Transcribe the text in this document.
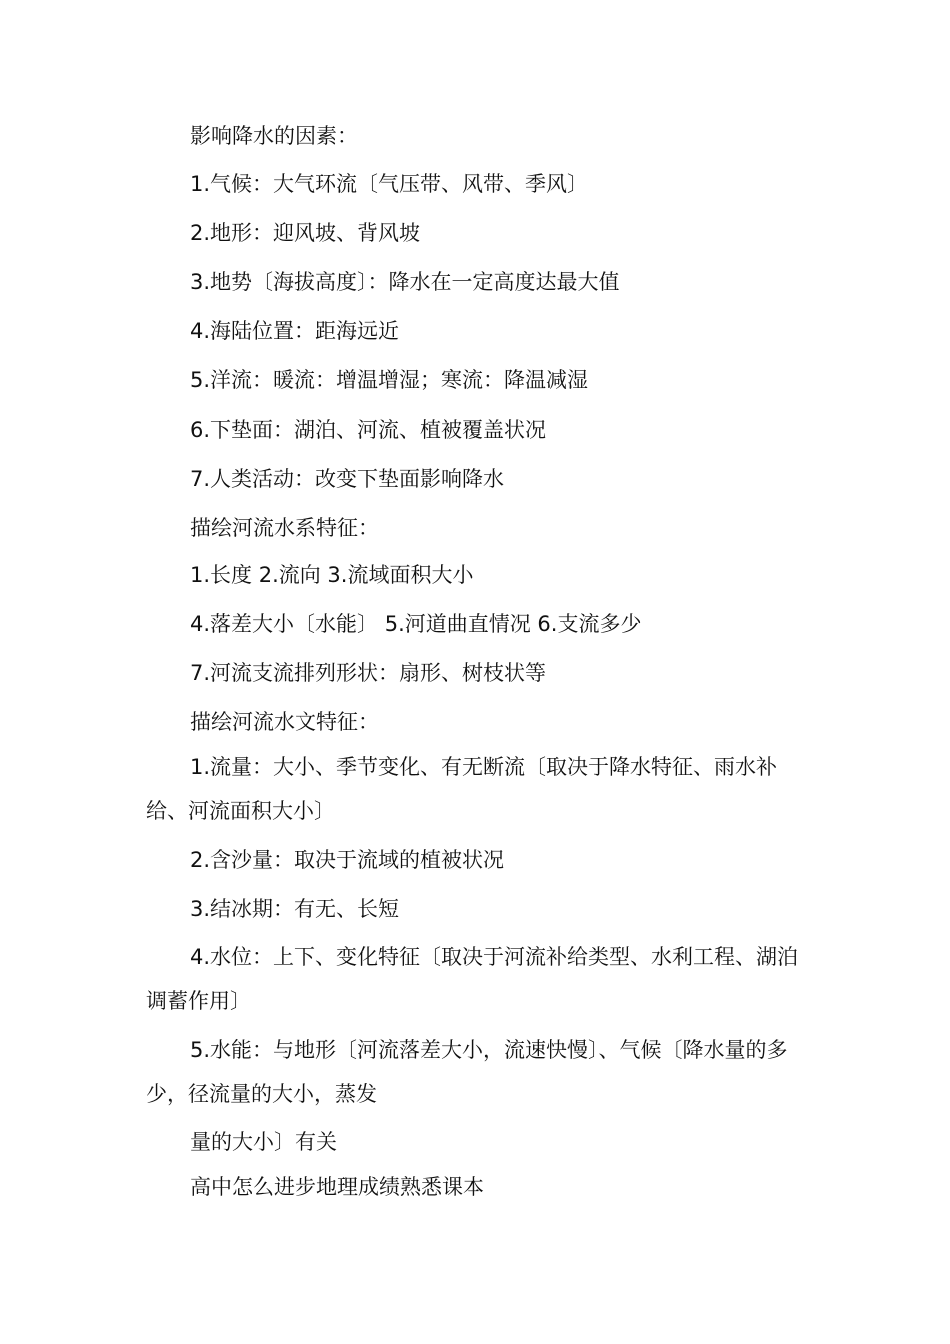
影响降水的因素：
1.气候：大气环流〔气压带、风带、季风〕
2.地形：迎风坡、背风坡
3.地势〔海拔高度〕：降水在一定高度达最大值
4.海陆位置：距海远近
5.洋流：暖流：增温增湿；寒流：降温减湿
6.下垫面：湖泊、河流、植被覆盖状况
7.人类活动：改变下垫面影响降水
描绘河流水系特征：
1.长度 2.流向 3.流域面积大小
4.落差大小〔水能〕 5.河道曲直情况 6.支流多少
7.河流支流排列形状：扇形、树枝状等
描绘河流水文特征：
1.流量：大小、季节变化、有无断流〔取决于降水特征、雨水补给、河流面积大小〕
2.含沙量：取决于流域的植被状况
3.结冰期：有无、长短
4.水位：上下、变化特征〔取决于河流补给类型、水利工程、湖泊调蓄作用〕
5.水能：与地形〔河流落差大小，流速快慢〕、气候〔降水量的多少，径流量的大小，蒸发
量的大小〕有关
高中怎么进步地理成绩熟悉课本
